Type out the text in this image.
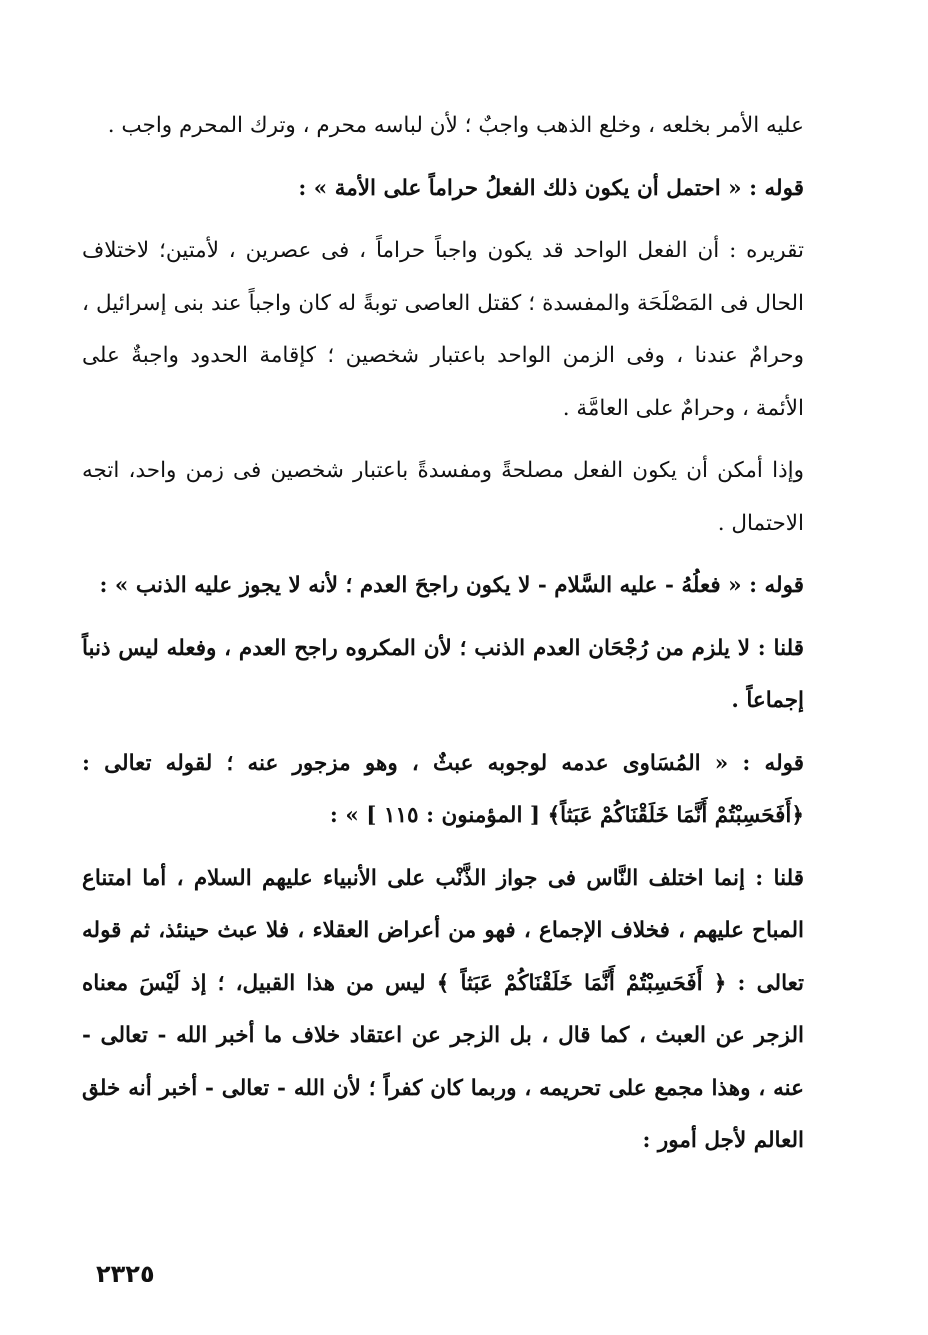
عليه الأمر بخلعه ، وخلع الذهب واجبٌ ؛ لأن لباسه محرم ، وترك المحرم واجب .

قوله : « احتمل أن يكون ذلك الفعلُ حراماً على الأمة » :

تقريره : أن الفعل الواحد قد يكون واجباً حراماً ، فى عصرين ، لأمتين؛ لاختلاف الحال فى المَصْلَحَة والمفسدة ؛ كقتل العاصى توبةً له كان واجباً عند بنى إسرائيل ، وحرامٌ عندنا ، وفى الزمن الواحد باعتبار شخصين ؛ كإقامة الحدود واجبةٌ على الأئمة ، وحرامٌ على العامَّة .

وإذا أمكن أن يكون الفعل مصلحةً ومفسدةً باعتبار شخصين فى زمن واحد، اتجه الاحتمال .

قوله : « فعلُهُ - عليه السَّلام - لا يكون راجحَ العدم ؛ لأنه لا يجوز عليه الذنب » :

قلنا : لا يلزم من رُجْحَان العدم الذنب ؛ لأن المكروه راجح العدم ، وفعله ليس ذنباً إجماعاً .

قوله : « المُسَاوى عدمه لوجوبه عبثٌ ، وهو مزجور عنه ؛ لقوله تعالى : ﴿أَفَحَسِبْتُمْ أَنَّمَا خَلَقْنَاكُمْ عَبَثاً﴾ [ المؤمنون : ١١٥ ] » :

قلنا : إنما اختلف النَّاس فى جواز الذَّنْب على الأنبياء عليهم السلام ، أما امتناع المباح عليهم ، فخلاف الإجماع ، فهو من أعراض العقلاء ، فلا عبث حينئذ، ثم قوله تعالى : ﴿ أَفَحَسِبْتُمْ أَنَّمَا خَلَقْنَاكُمْ عَبَثاً ﴾ ليس من هذا القبيل، ؛ إذ لَيْسَ معناه الزجر عن العبث ، كما قال ، بل الزجر عن اعتقاد خلاف ما أخبر الله - تعالى - عنه ، وهذا مجمع على تحريمه ، وربما كان كفراً ؛ لأن الله - تعالى - أخبر أنه خلق العالم لأجل أمور :

٢٣٢٥
